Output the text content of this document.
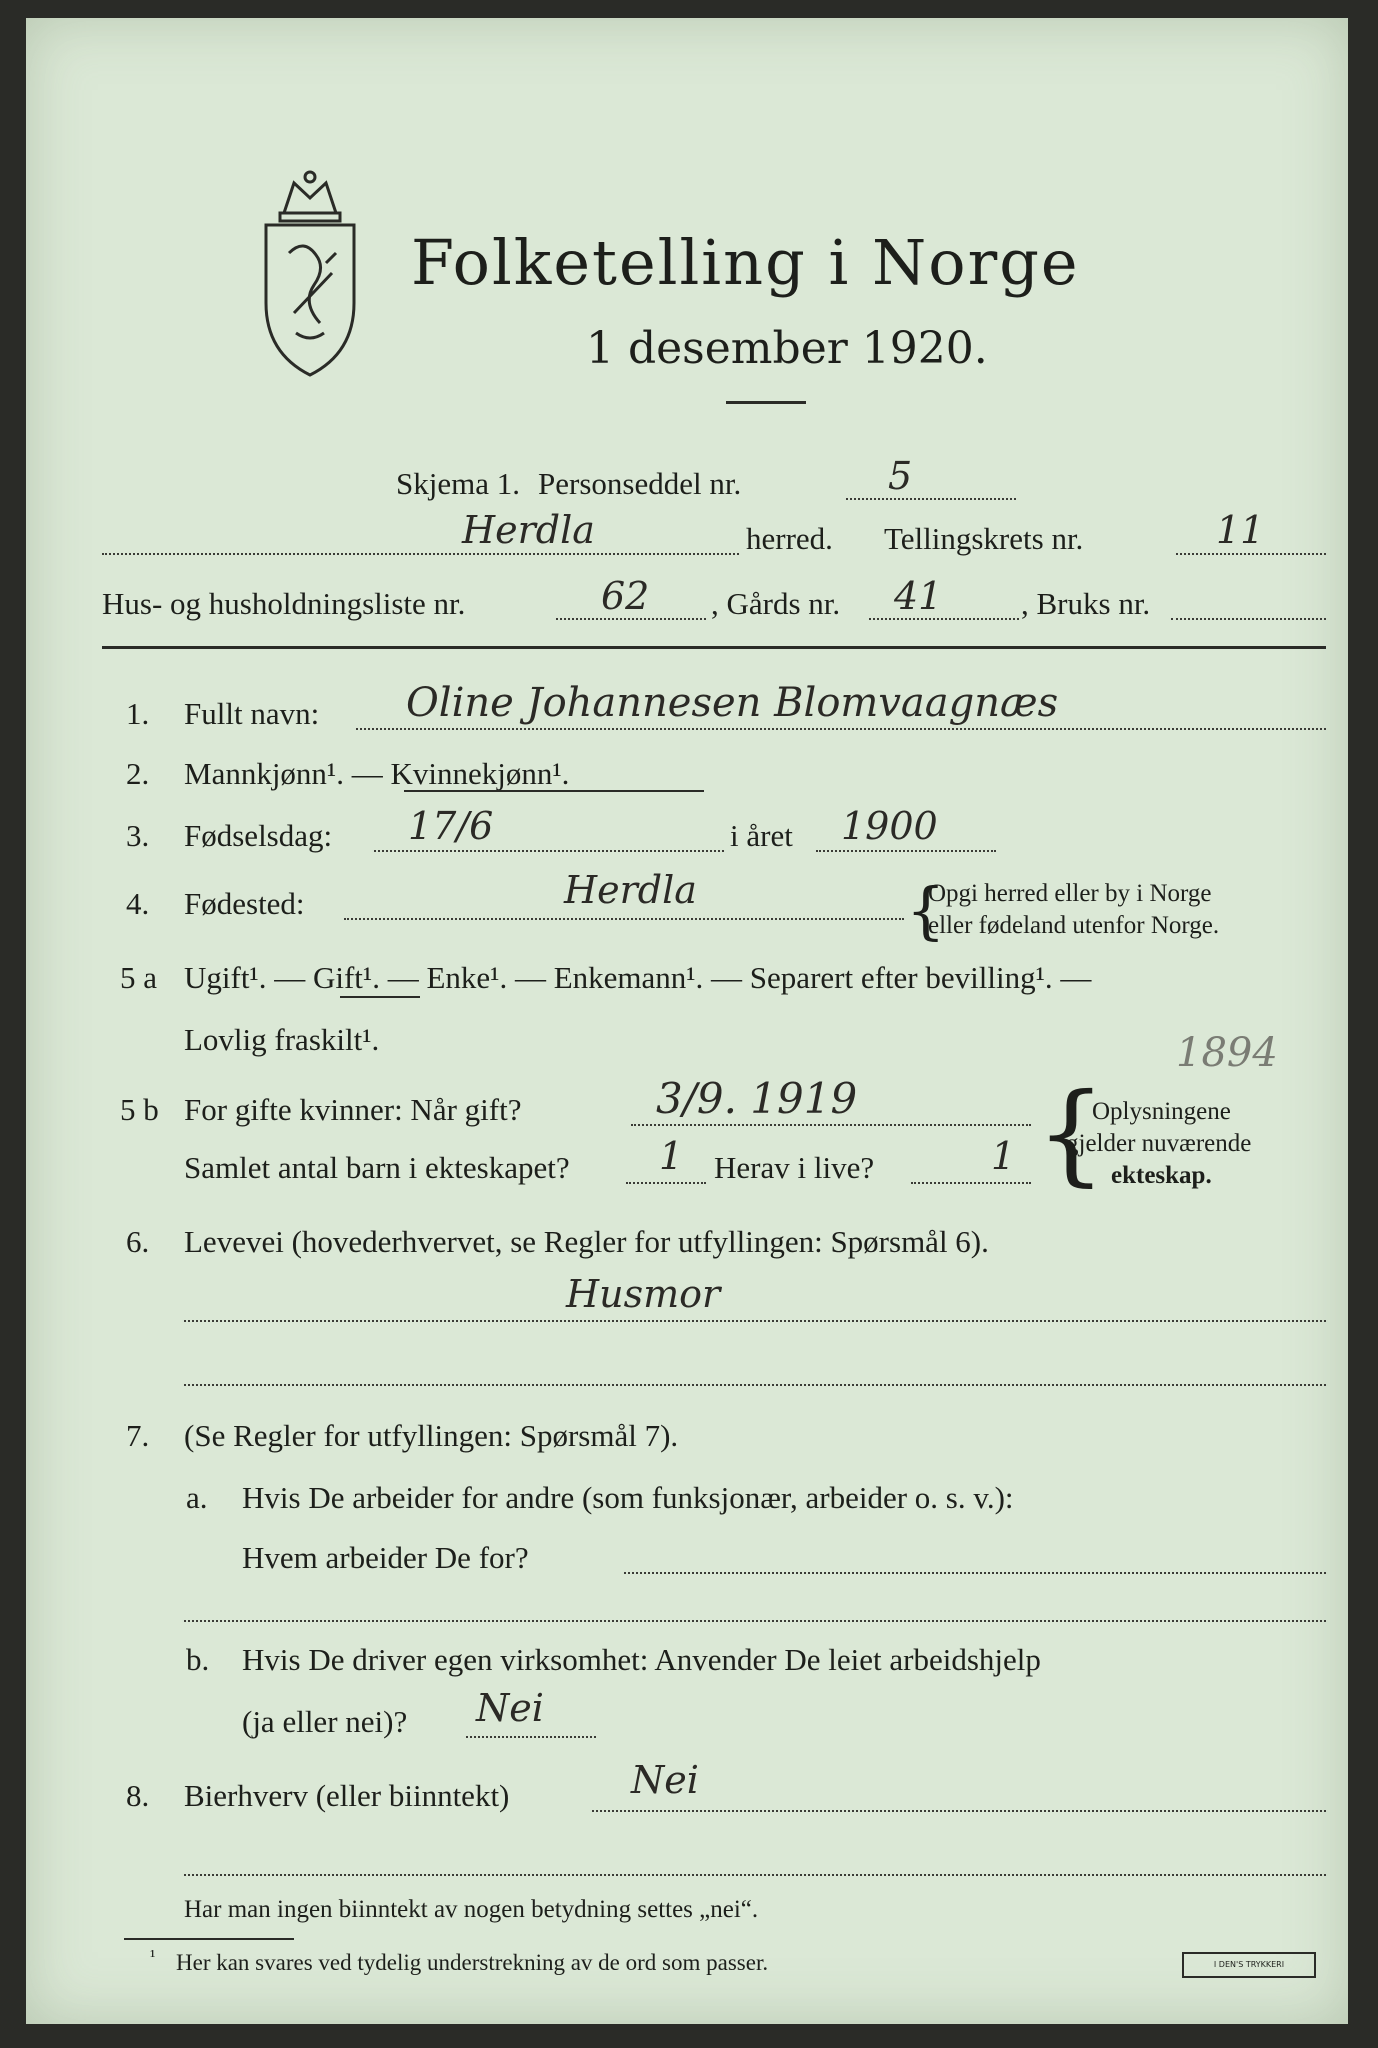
Folketelling i Norge
1 desember 1920.
Skjema 1. Personseddel nr.	5
Herdla	herred. Tellingskrets nr.	11
Hus- og husholdningsliste nr.	62 , Gårds nr. 41	, Bruks nr.
1.	Fullt navn: Oline Johannesen Blomvaagnæs
2.	Mannkjønn¹. — Kvinnekjønn¹.
3.	Fødselsdag: 17/6	i året 1900
4.	Fødested:	Herdla	{
Opgi herred eller by i Norge
eller fødeland utenfor Norge.
5 a Ugift¹. — Gift¹. — Enke¹. — Enkemann¹. — Separert efter bevilling¹. —
Lovlig fraskilt¹.
5 b For gifte kvinner: Når gift?	3/9. 1919
1894
Samlet antal barn i ekteskapet? 1 Herav i live?	1 {
Oplysningene
gjelder nuværende
ekteskap.
6.	Levevei (hovederhvervet, se Regler for utfyllingen: Spørsmål 6).
Husmor
7.	(Se Regler for utfyllingen: Spørsmål 7).
a. Hvis De arbeider for andre (som funksjonær, arbeider o. s. v.):
Hvem arbeider De for?
b. Hvis De driver egen virksomhet: Anvender De leiet arbeidshjelp
(ja eller nei)? Nei
8.	Bierhverv (eller biinntekt)	Nei
Har man ingen biinntekt av nogen betydning settes „nei“.
¹ Her kan svares ved tydelig understrekning av de ord som passer.	I DEN'S TRYKKERI
